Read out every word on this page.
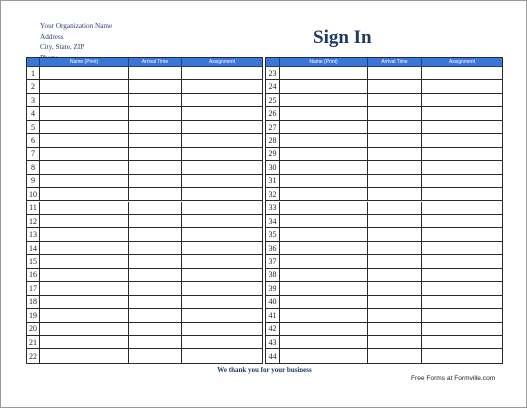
Your Organization Name
Address
City, State, ZIP	Sign In
Name (Print)	Arrival Time	Assignment
1
2
3
4
5
6
7
8
9
10
11
12
13
14
15
16
17
18
19
20
21
22
Name (Print)	Arrival Time	Assignment
23
24
25
26
27
28
29
30
31
32
33
34
35
36
37
38
39
40
41
42
43
44
We thank you for your business
Free Forms at Formville.com
